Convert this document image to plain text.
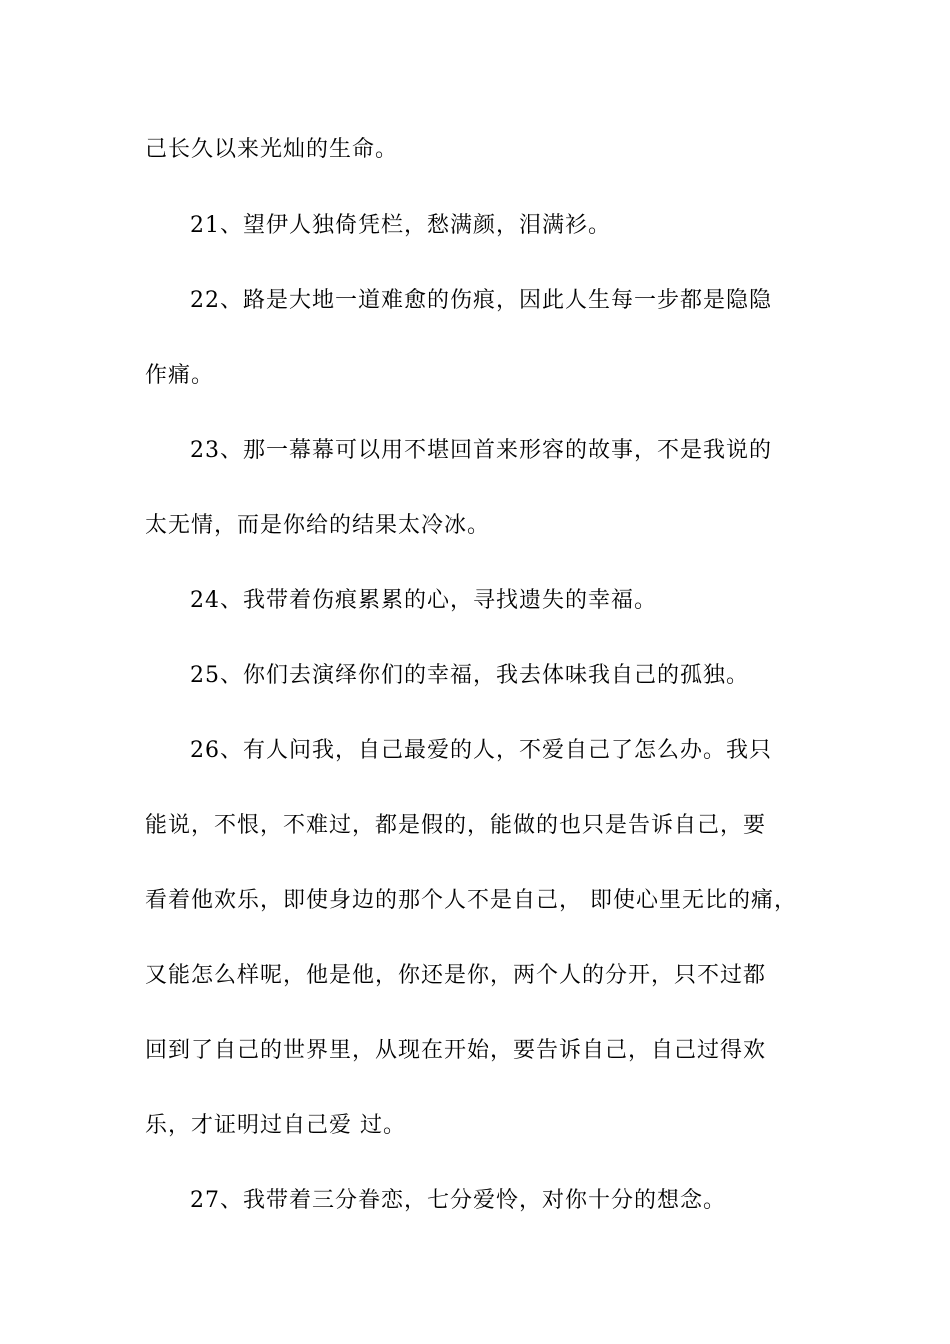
己长久以来光灿的生命。
21、望伊人独倚凭栏，愁满颜，泪满衫。
22、路是大地一道难愈的伤痕，因此人生每一步都是隐隐
作痛。
23、那一幕幕可以用不堪回首来形容的故事，不是我说的
太无情，而是你给的结果太冷冰。
24、我带着伤痕累累的心，寻找遗失的幸福。
25、你们去演绎你们的幸福，我去体味我自己的孤独。
26、有人问我，自己最爱的人，不爱自己了怎么办。我只
能说，不恨，不难过，都是假的，能做的也只是告诉自己，要
看着他欢乐，即使身边的那个人不是自己， 即使心里无比的痛，
又能怎么样呢，他是他，你还是你，两个人的分开，只不过都
回到了自己的世界里，从现在开始，要告诉自己，自己过得欢
乐，才证明过自己爱 过。
27、我带着三分眷恋，七分爱怜，对你十分的想念。
